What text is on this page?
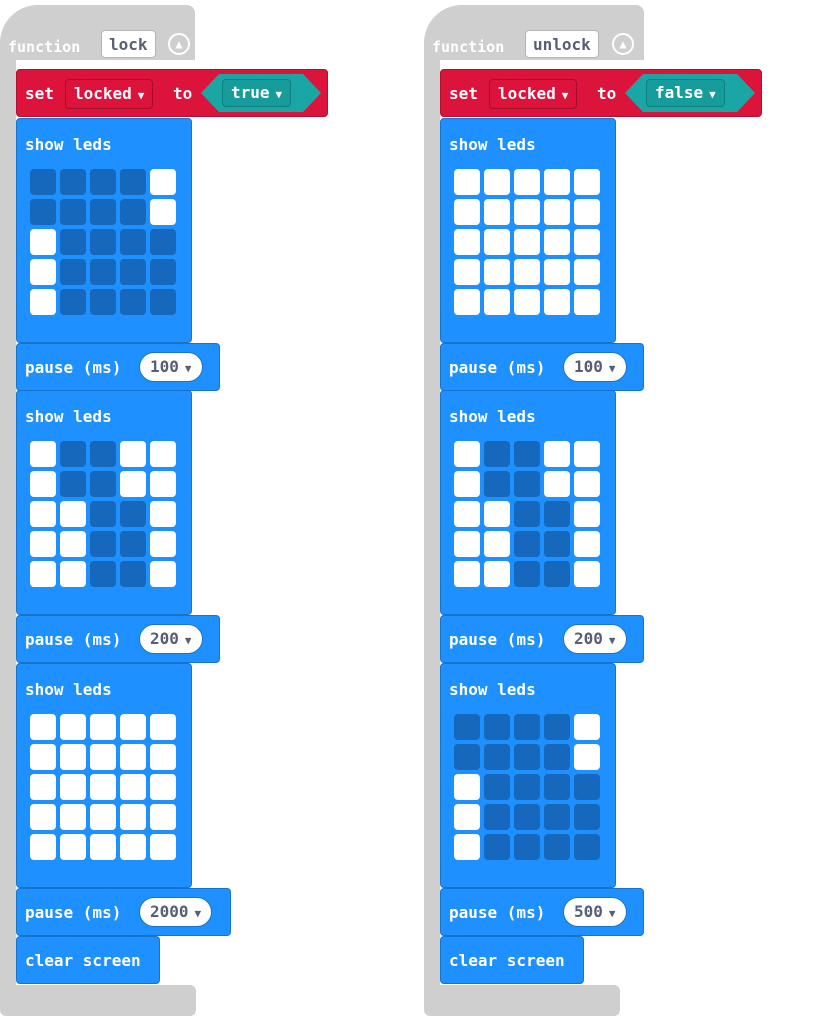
function	lock	▲
set	locked ▼	to	true ▼
show leds
pause (ms)	100 ▼
show leds
pause (ms)	200 ▼
show leds
pause (ms)	2000 ▼
clear screen
function	unlock	▲
set	locked ▼	to	false ▼
show leds
pause (ms)	100 ▼
show leds
pause (ms)	200 ▼
show leds
pause (ms)	500 ▼
clear screen
